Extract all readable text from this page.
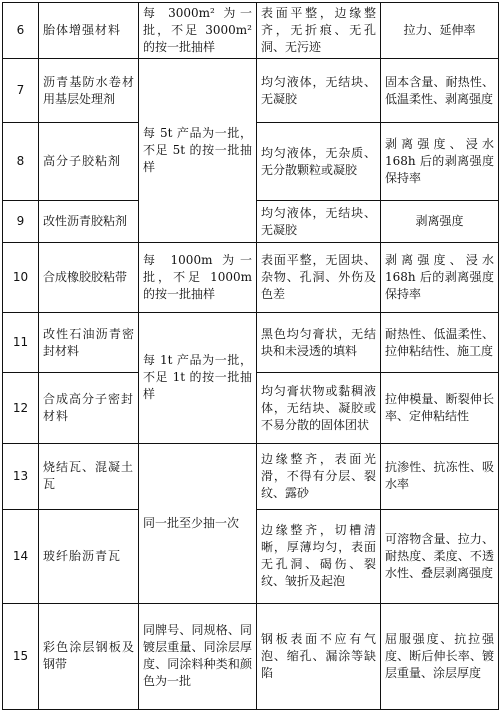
6	胎体增强材料	每 3000m² 为一批，不足 3000m² 的按一批抽样	表面平整，边缘整齐，无折痕、无孔洞、无污迹	拉力、延伸率
7	沥青基防水卷材用基层处理剂	每 5t 产品为一批，不足 5t 的按一批抽样	均匀液体，无结块、无凝胶	固本含量、耐热性、低温柔性、剥离强度
8	高分子胶粘剂		均匀液体，无杂质、无分散颗粒或凝胶	剥离强度、浸水 168h 后的剥离强度保持率
9	改性沥青胶粘剂		均匀液体，无结块、无凝胶	剥离强度
10	合成橡胶胶粘带	每 1000m 为一批，不足 1000m 的按一批抽样	表面平整，无固块、杂物、孔洞、外伤及色差	剥离强度、浸水 168h 后的剥离强度保持率
11	改性石油沥青密封材料	每 1t 产品为一批，不足 1t 的按一批抽样	黑色均匀膏状，无结块和未浸透的填料	耐热性、低温柔性、拉伸粘结性、施工度
12	合成高分子密封材料		均匀膏状物或黏稠液体，无结块、凝胶或不易分散的固体团状	拉伸模量、断裂伸长率、定伸粘结性
13	烧结瓦、混凝土瓦	同一批至少抽一次	边缘整齐，表面光滑，不得有分层、裂纹、露砂	抗渗性、抗冻性、吸水率
14	玻纤胎沥青瓦		边缘整齐，切槽清晰，厚薄均匀，表面无孔洞、碣伤、裂纹、皱折及起泡	可溶物含量、拉力、耐热度、柔度、不透水性、叠层剥离强度
15	彩色涂层钢板及钢带	同牌号、同规格、同镀层重量、同涂层厚度、同涂料种类和颜色为一批	钢板表面不应有气泡、缩孔、漏涂等缺陷	屈服强度、抗拉强度、断后伸长率、镀层重量、涂层厚度
